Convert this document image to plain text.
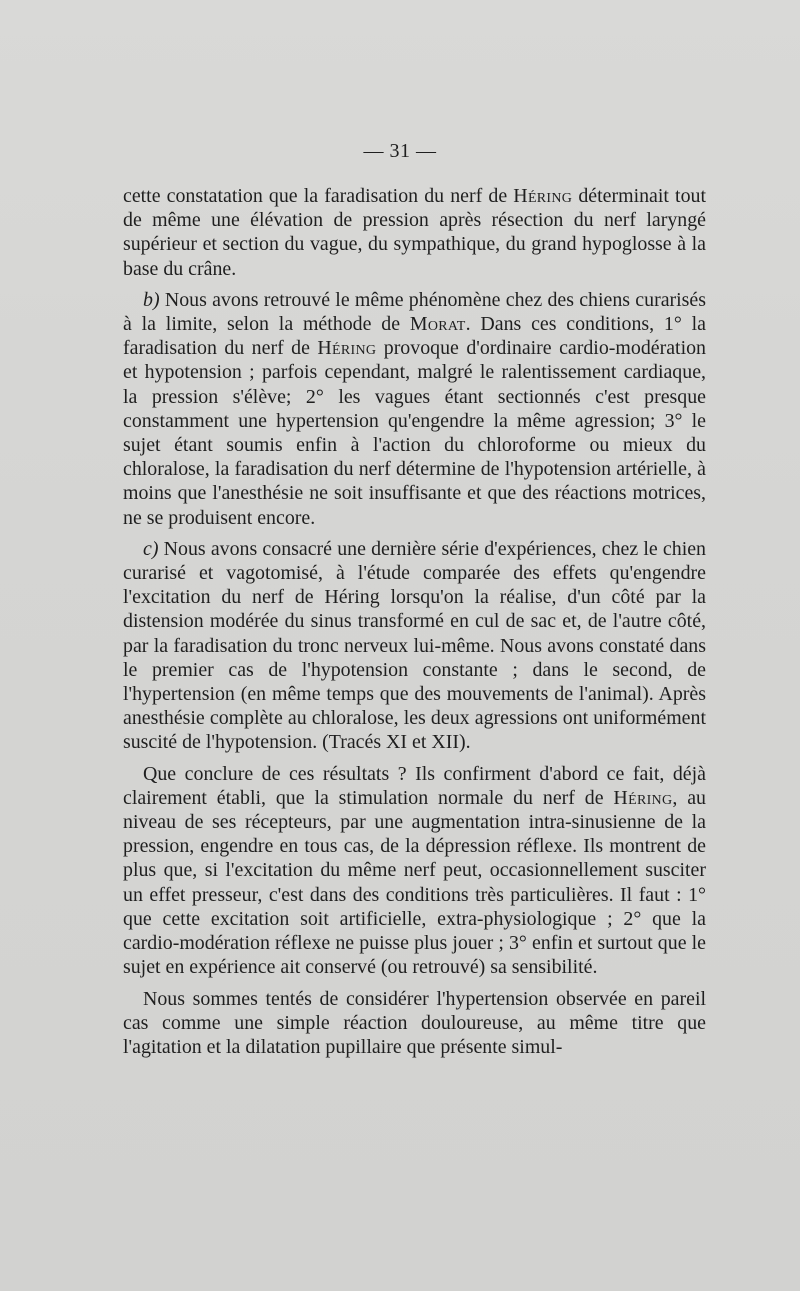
— 31 —

cette constatation que la faradisation du nerf de Héring déterminait tout de même une élévation de pression après résection du nerf laryngé supérieur et section du vague, du sympathique, du grand hypoglosse à la base du crâne.

b) Nous avons retrouvé le même phénomène chez des chiens curarisés à la limite, selon la méthode de Morat. Dans ces conditions, 1° la faradisation du nerf de Héring provoque d'ordinaire cardio-modération et hypotension ; parfois cependant, malgré le ralentissement cardiaque, la pression s'élève; 2° les vagues étant sectionnés c'est presque constamment une hypertension qu'engendre la même agression; 3° le sujet étant soumis enfin à l'action du chloroforme ou mieux du chloralose, la faradisation du nerf détermine de l'hypotension artérielle, à moins que l'anesthésie ne soit insuffisante et que des réactions motrices, ne se produisent encore.

c) Nous avons consacré une dernière série d'expériences, chez le chien curarisé et vagotomisé, à l'étude comparée des effets qu'engendre l'excitation du nerf de Héring lorsqu'on la réalise, d'un côté par la distension modérée du sinus transformé en cul de sac et, de l'autre côté, par la faradisation du tronc nerveux lui-même. Nous avons constaté dans le premier cas de l'hypotension constante ; dans le second, de l'hypertension (en même temps que des mouvements de l'animal). Après anesthésie complète au chloralose, les deux agressions ont uniformément suscité de l'hypotension. (Tracés XI et XII).

Que conclure de ces résultats ? Ils confirment d'abord ce fait, déjà clairement établi, que la stimulation normale du nerf de Héring, au niveau de ses récepteurs, par une augmentation intra-sinusienne de la pression, engendre en tous cas, de la dépression réflexe. Ils montrent de plus que, si l'excitation du même nerf peut, occasionnellement susciter un effet presseur, c'est dans des conditions très particulières. Il faut : 1° que cette excitation soit artificielle, extra-physiologique ; 2° que la cardio-modération réflexe ne puisse plus jouer ; 3° enfin et surtout que le sujet en expérience ait conservé (ou retrouvé) sa sensibilité.

Nous sommes tentés de considérer l'hypertension observée en pareil cas comme une simple réaction douloureuse, au même titre que l'agitation et la dilatation pupillaire que présente simul-
